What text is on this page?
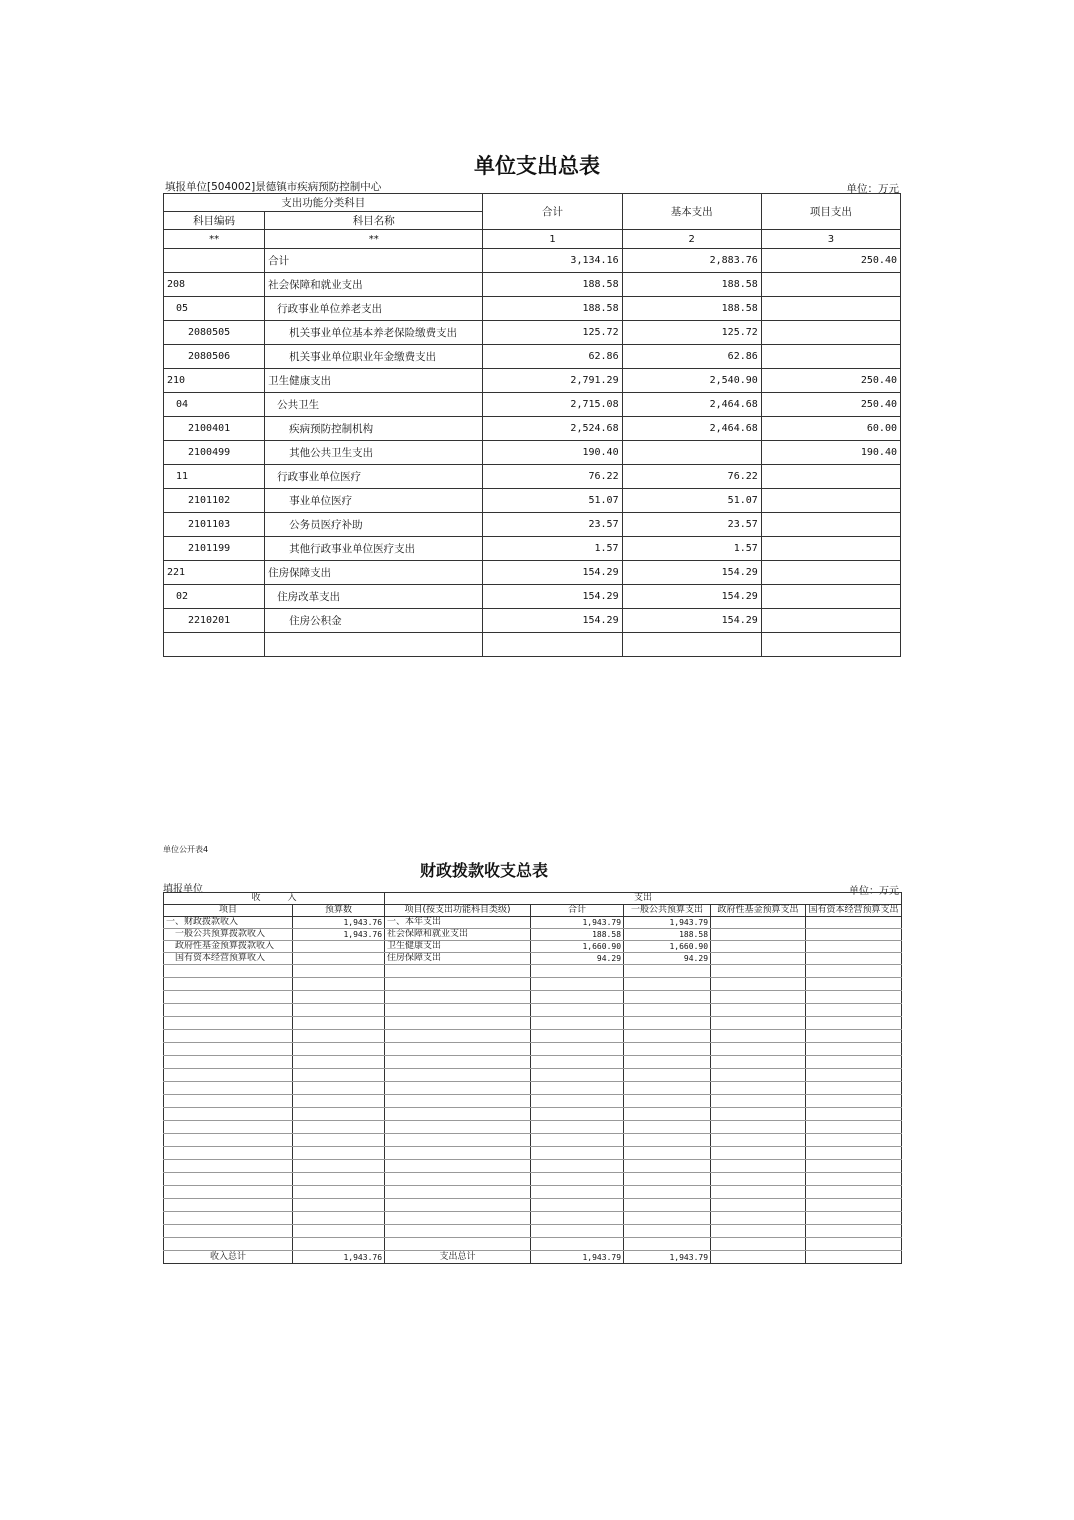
单位支出总表
填报单位[504002]景德镇市疾病预防控制中心	单位：万元
支出功能分类科目		合计	基本支出	项目支出
科目编码	科目名称			
**	**	1	2	3
	合计	3,134.16	2,883.76	250.40
208	社会保障和就业支出	188.58	188.58	
05	行政事业单位养老支出	188.58	188.58	
2080505	机关事业单位基本养老保险缴费支出	125.72	125.72	
2080506	机关事业单位职业年金缴费支出	62.86	62.86	
210	卫生健康支出	2,791.29	2,540.90	250.40
04	公共卫生	2,715.08	2,464.68	250.40
2100401	疾病预防控制机构	2,524.68	2,464.68	60.00
2100499	其他公共卫生支出	190.40		190.40
11	行政事业单位医疗	76.22	76.22	
2101102	事业单位医疗	51.07	51.07	
2101103	公务员医疗补助	23.57	23.57	
2101199	其他行政事业单位医疗支出	1.57	1.57	
221	住房保障支出	154.29	154.29	
02	住房改革支出	154.29	154.29	
2210201	住房公积金	154.29	154.29	

单位公开表4
财政拨款收支总表
填报单位	单位：万元
收　　　入		支出				
项目	预算数	项目(按支出功能科目类级)	合计	一般公共预算支出	政府性基金预算支出	国有资本经营预算支出
一、财政拨款收入	1,943.76	一、本年支出	1,943.79	1,943.79		
　一般公共预算拨款收入	1,943.76	社会保障和就业支出	188.58	188.58		
　政府性基金预算拨款收入		卫生健康支出	1,660.90	1,660.90		
　国有资本经营预算收入		住房保障支出	94.29	94.29		

收入总计	1,943.76	支出总计	1,943.79	1,943.79		
